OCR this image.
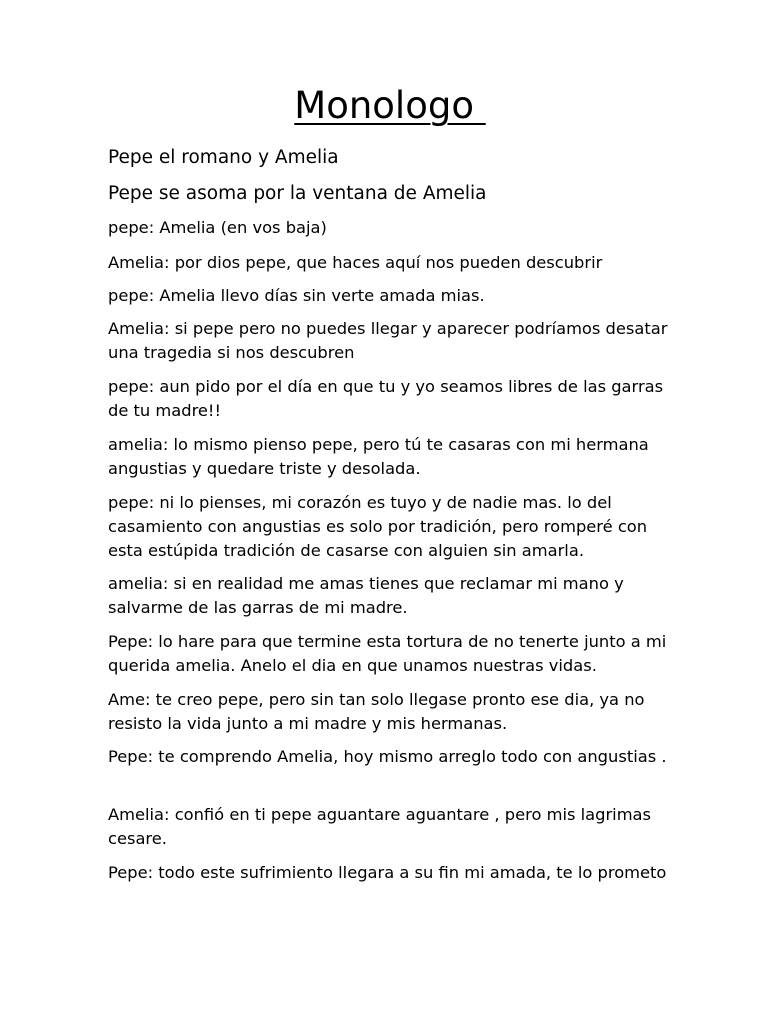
Monologo
Pepe el romano y Amelia
Pepe se asoma por la ventana de Amelia

pepe: Amelia (en vos baja)

Amelia: por dios pepe, que haces aquí nos pueden descubrir

pepe: Amelia llevo días sin verte amada mias.

Amelia: si pepe pero no puedes llegar y aparecer podríamos desatar una tragedia si nos descubren

pepe: aun pido por el día en que tu y yo seamos libres de las garras de tu madre!!

amelia: lo mismo pienso pepe, pero tú te casaras con mi hermana angustias y quedare triste y desolada.

pepe: ni lo pienses, mi corazón es tuyo y de nadie mas. lo del casamiento con angustias es solo por tradición, pero romperé con esta estúpida tradición de casarse con alguien sin amarla.

amelia: si en realidad me amas tienes que reclamar mi mano y salvarme de las garras de mi madre.

Pepe: lo hare para que termine esta tortura de no tenerte junto a mi querida amelia. Anelo el dia en que unamos nuestras vidas.

Ame: te creo pepe, pero sin tan solo llegase pronto ese dia, ya no resisto la vida junto a mi madre y mis hermanas.

Pepe: te comprendo Amelia, hoy mismo arreglo todo con angustias .

Amelia: confió en ti pepe aguantare aguantare , pero mis lagrimas cesare.

Pepe: todo este sufrimiento llegara a su fin mi amada, te lo prometo
